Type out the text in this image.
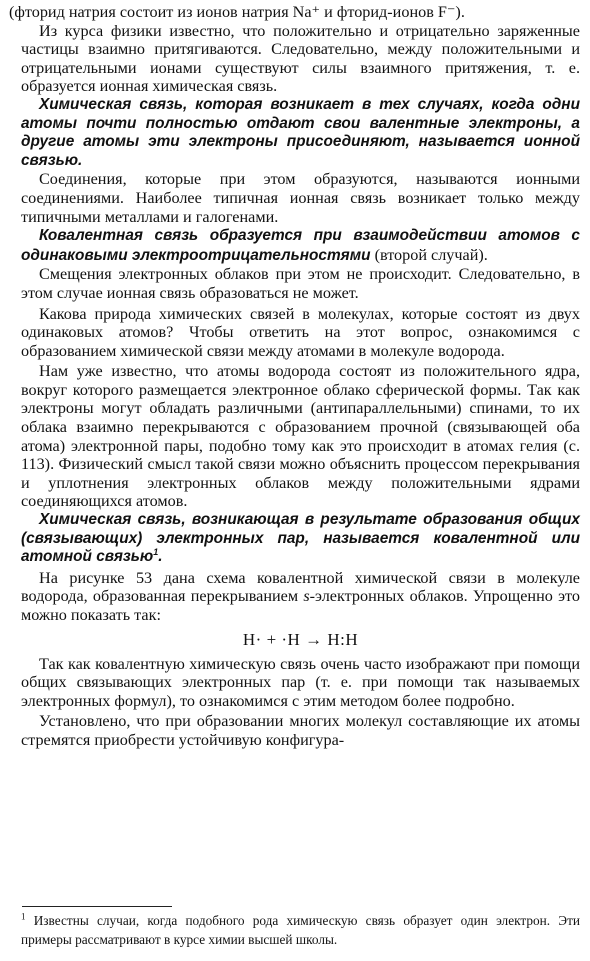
(фторид натрия состоит из ионов натрия Na⁺ и фторид-ионов F⁻).

Из курса физики известно, что положительно и отрицательно заряженные частицы взаимно притягиваются. Следовательно, между положительными и отрицательными ионами существуют силы взаимного притяжения, т. е. образуется ионная химическая связь.

Химическая связь, которая возникает в тех случаях, когда одни атомы почти полностью отдают свои валентные электроны, а другие атомы эти электроны присоединяют, называется ионной связью.

Соединения, которые при этом образуются, называются ионными соединениями. Наиболее типичная ионная связь возникает только между типичными металлами и галогенами.

Ковалентная связь образуется при взаимодействии атомов с одинаковыми электроотрицательностями (второй случай).

Смещения электронных облаков при этом не происходит. Следовательно, в этом случае ионная связь образоваться не может.

Какова природа химических связей в молекулах, которые состоят из двух одинаковых атомов? Чтобы ответить на этот вопрос, ознакомимся с образованием химической связи между атомами в молекуле водорода.

Нам уже известно, что атомы водорода состоят из положительного ядра, вокруг которого размещается электронное облако сферической формы. Так как электроны могут обладать различными (антипараллельными) спинами, то их облака взаимно перекрываются с образованием прочной (связывающей оба атома) электронной пары, подобно тому как это происходит в атомах гелия (с. 113). Физический смысл такой связи можно объяснить процессом перекрывания и уплотнения электронных облаков между положительными ядрами соединяющихся атомов.

Химическая связь, возникающая в результате образования общих (связывающих) электронных пар, называется ковалентной или атомной связью$^1$.

На рисунке 53 дана схема ковалентной химической связи в молекуле водорода, образованная перекрыванием s-электронных облаков. Упрощенно это можно показать так:

H· + ·H → H:H

Так как ковалентную химическую связь очень часто изображают при помощи общих связывающих электронных пар (т. е. при помощи так называемых электронных формул), то ознакомимся с этим методом более подробно.

Установлено, что при образовании многих молекул составляющие их атомы стремятся приобрести устойчивую конфигура-

$^1$ Известны случаи, когда подобного рода химическую связь образует один электрон. Эти примеры рассматривают в курсе химии высшей школы.
